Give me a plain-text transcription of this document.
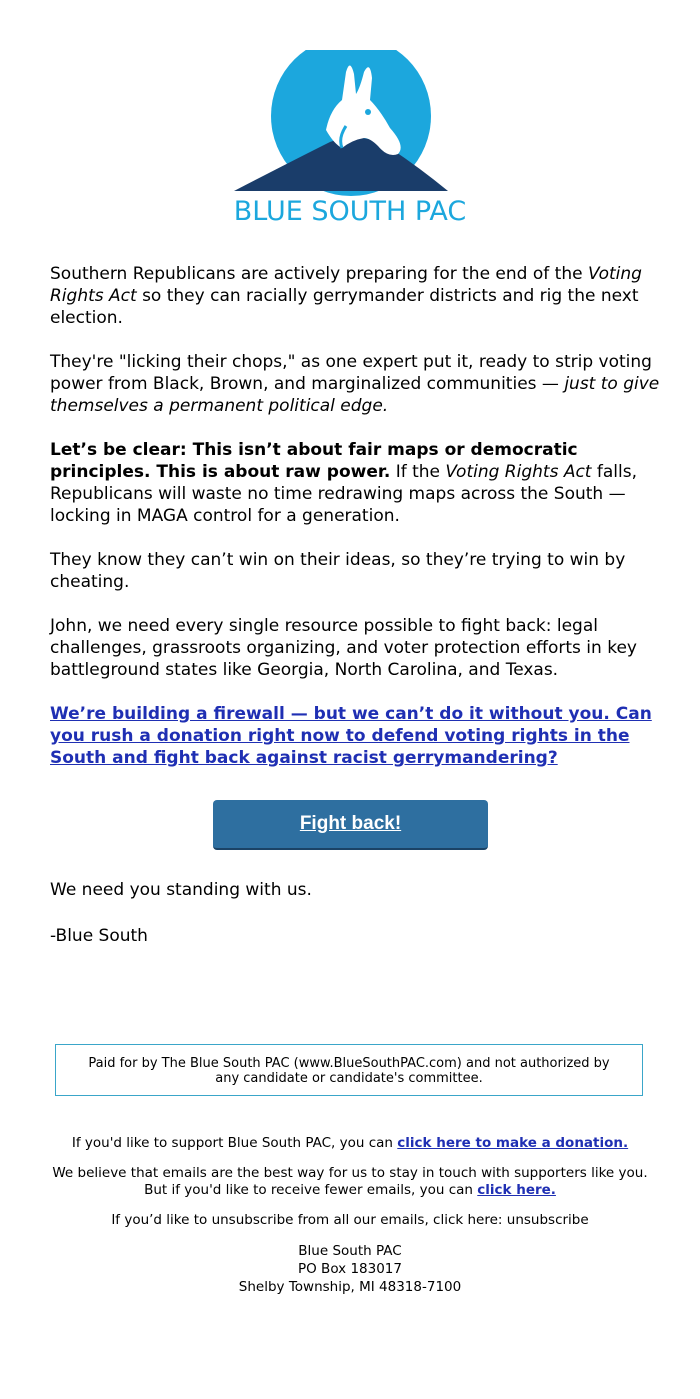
BLUE SOUTH PAC

Southern Republicans are actively preparing for the end of the Voting Rights Act so they can racially gerrymander districts and rig the next election.

They're "licking their chops," as one expert put it, ready to strip voting power from Black, Brown, and marginalized communities — just to give themselves a permanent political edge.

Let’s be clear: This isn’t about fair maps or democratic principles. This is about raw power. If the Voting Rights Act falls, Republicans will waste no time redrawing maps across the South — locking in MAGA control for a generation.

They know they can’t win on their ideas, so they’re trying to win by cheating.

John, we need every single resource possible to fight back: legal challenges, grassroots organizing, and voter protection efforts in key battleground states like Georgia, North Carolina, and Texas.

We’re building a firewall — but we can’t do it without you. Can you rush a donation right now to defend voting rights in the South and fight back against racist gerrymandering?

Fight back!

We need you standing with us.

-Blue South

Paid for by The Blue South PAC (www.BlueSouthPAC.com) and not authorized by any candidate or candidate's committee.

If you'd like to support Blue South PAC, you can click here to make a donation.

We believe that emails are the best way for us to stay in touch with supporters like you. But if you'd like to receive fewer emails, you can click here.

If you’d like to unsubscribe from all our emails, click here: unsubscribe

Blue South PAC
PO Box 183017
Shelby Township, MI 48318-7100
